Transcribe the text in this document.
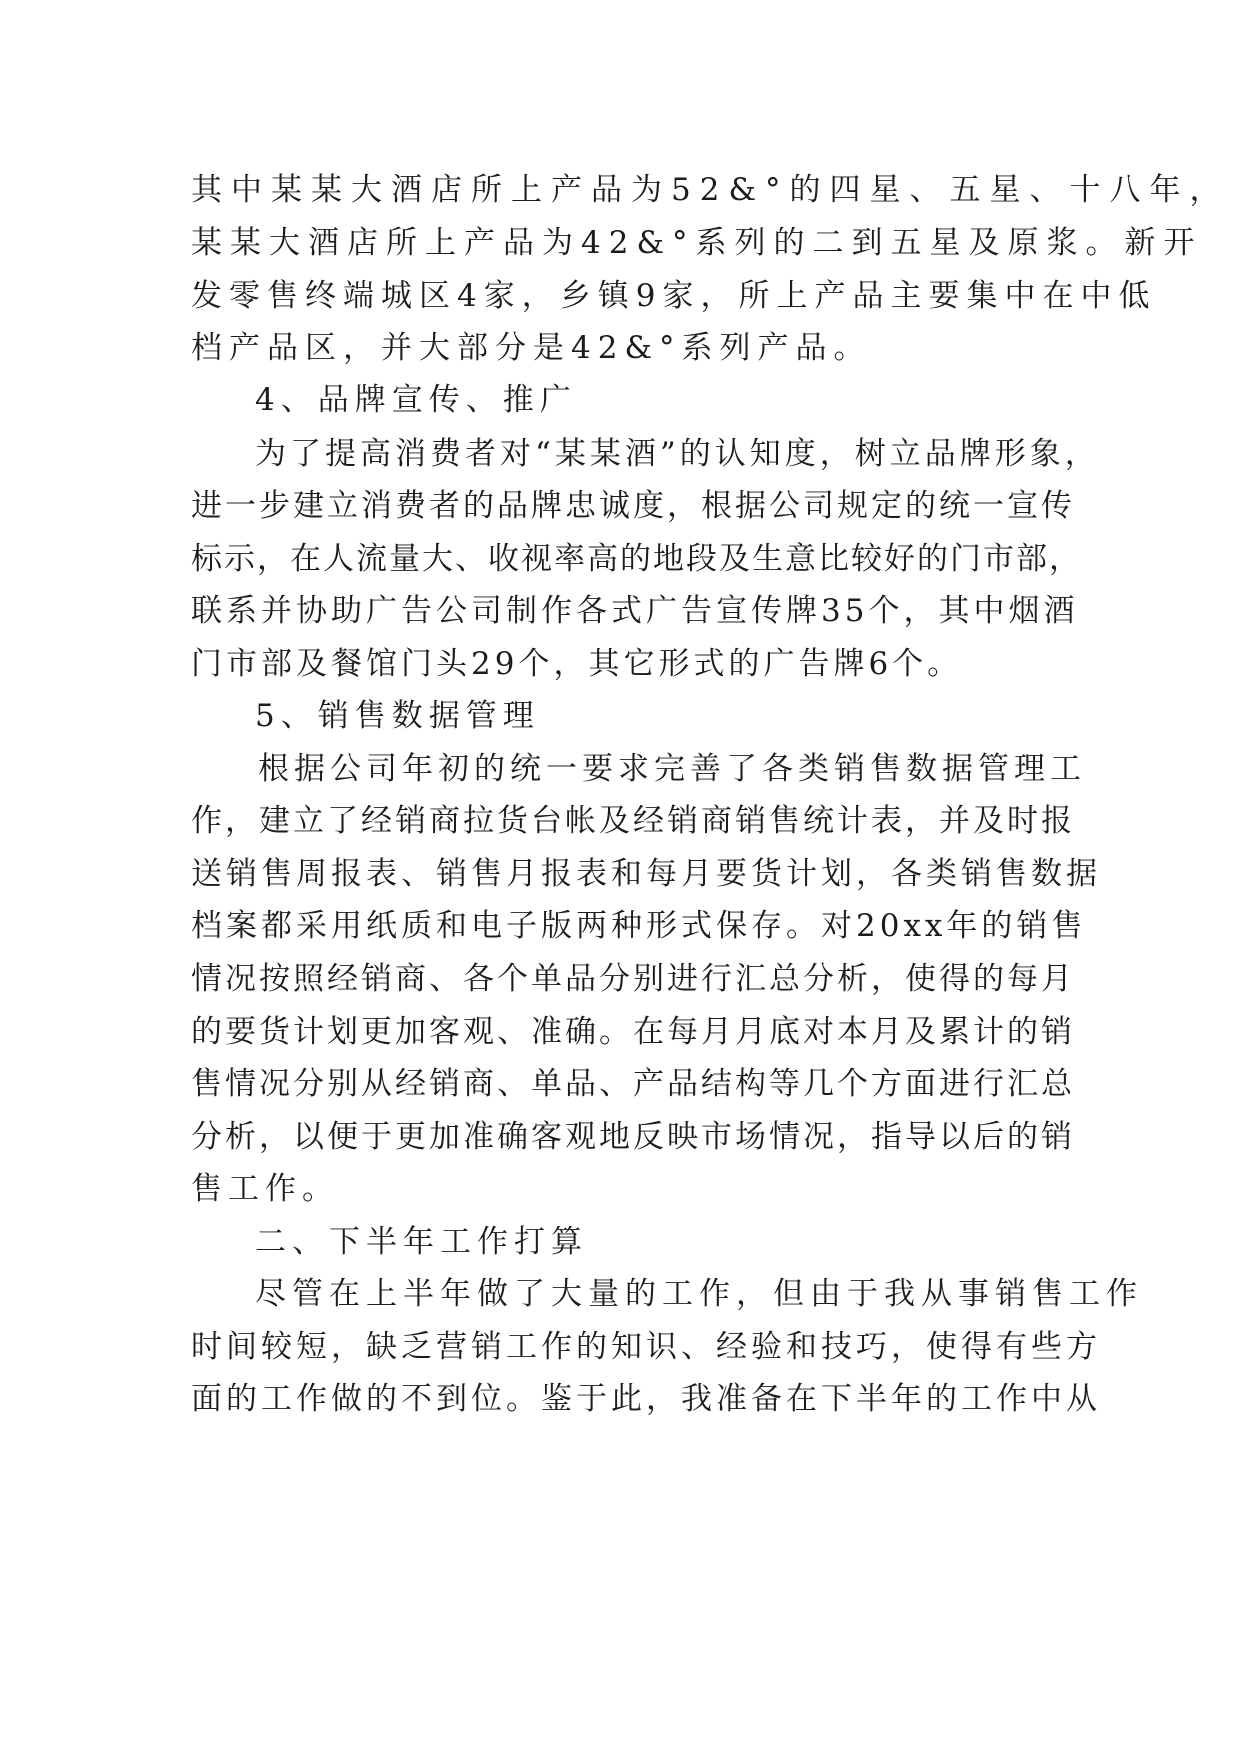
其中某某大酒店所上产品为52&°的四星、五星、十八年，
某某大酒店所上产品为42&°系列的二到五星及原浆。新开
发零售终端城区4家，乡镇9家，所上产品主要集中在中低
档产品区，并大部分是42&°系列产品。
4、品牌宣传、推广
为了提高消费者对“某某酒”的认知度，树立品牌形象，
进一步建立消费者的品牌忠诚度，根据公司规定的统一宣传
标示，在人流量大、收视率高的地段及生意比较好的门市部，
联系并协助广告公司制作各式广告宣传牌35个，其中烟酒
门市部及餐馆门头29个，其它形式的广告牌6个。
5、销售数据管理
根据公司年初的统一要求完善了各类销售数据管理工
作，建立了经销商拉货台帐及经销商销售统计表，并及时报
送销售周报表、销售月报表和每月要货计划，各类销售数据
档案都采用纸质和电子版两种形式保存。对20xx年的销售
情况按照经销商、各个单品分别进行汇总分析，使得的每月
的要货计划更加客观、准确。在每月月底对本月及累计的销
售情况分别从经销商、单品、产品结构等几个方面进行汇总
分析，以便于更加准确客观地反映市场情况，指导以后的销
售工作。
二、下半年工作打算
尽管在上半年做了大量的工作，但由于我从事销售工作
时间较短，缺乏营销工作的知识、经验和技巧，使得有些方
面的工作做的不到位。鉴于此，我准备在下半年的工作中从
